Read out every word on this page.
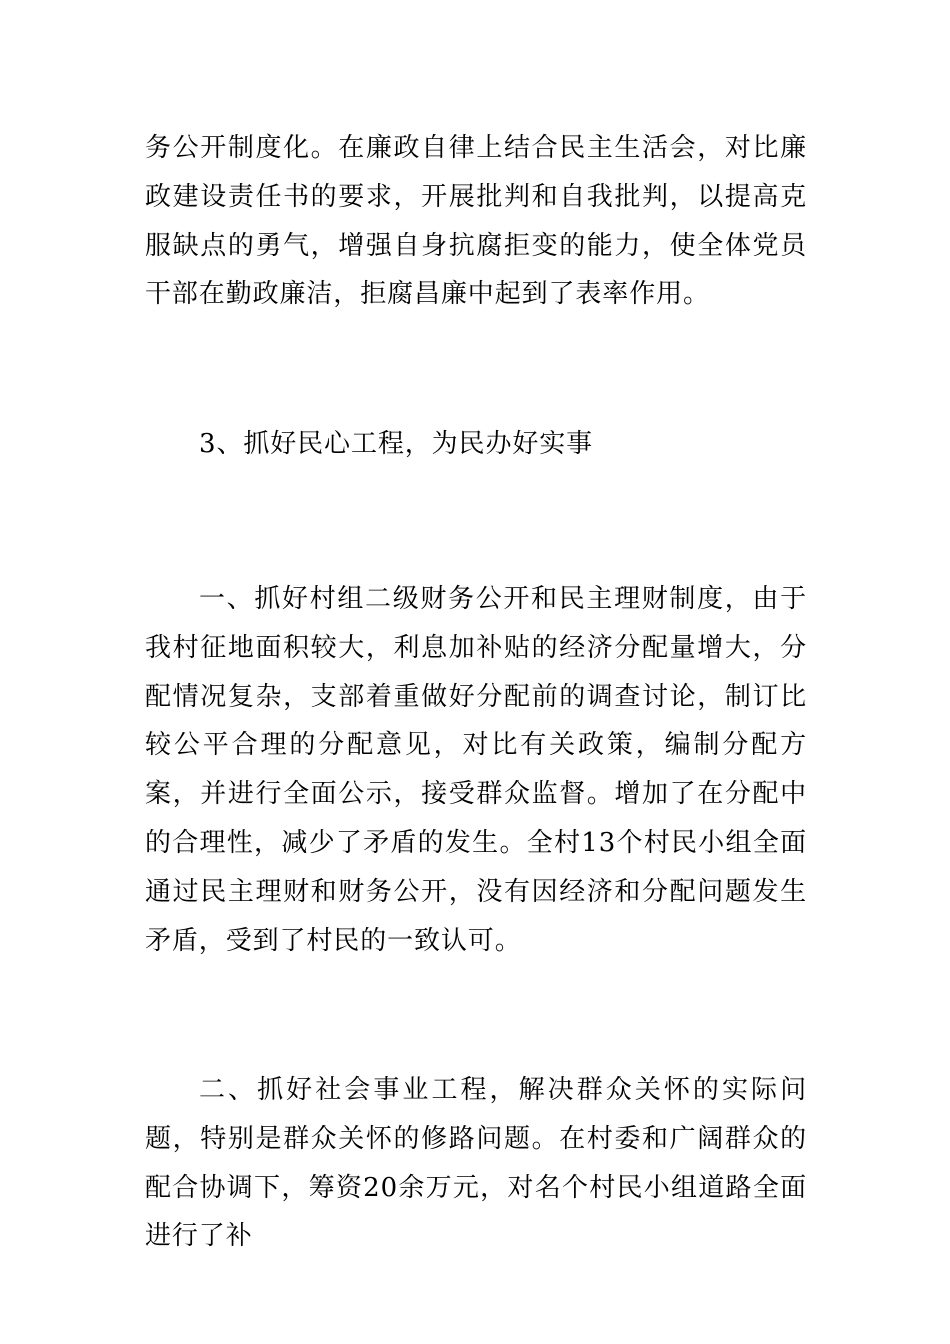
务公开制度化。在廉政自律上结合民主生活会，对比廉政建设责任书的要求，开展批判和自我批判，以提高克服缺点的勇气，增强自身抗腐拒变的能力，使全体党员干部在勤政廉洁，拒腐昌廉中起到了表率作用。

3、抓好民心工程，为民办好实事

一、抓好村组二级财务公开和民主理财制度，由于我村征地面积较大，利息加补贴的经济分配量增大，分配情况复杂，支部着重做好分配前的调查讨论，制订比较公平合理的分配意见，对比有关政策，编制分配方案，并进行全面公示，接受群众监督。增加了在分配中的合理性，减少了矛盾的发生。全村13个村民小组全面通过民主理财和财务公开，没有因经济和分配问题发生矛盾，受到了村民的一致认可。

二、抓好社会事业工程，解决群众关怀的实际问题，特别是群众关怀的修路问题。在村委和广阔群众的配合协调下，筹资20余万元，对名个村民小组道路全面进行了补
